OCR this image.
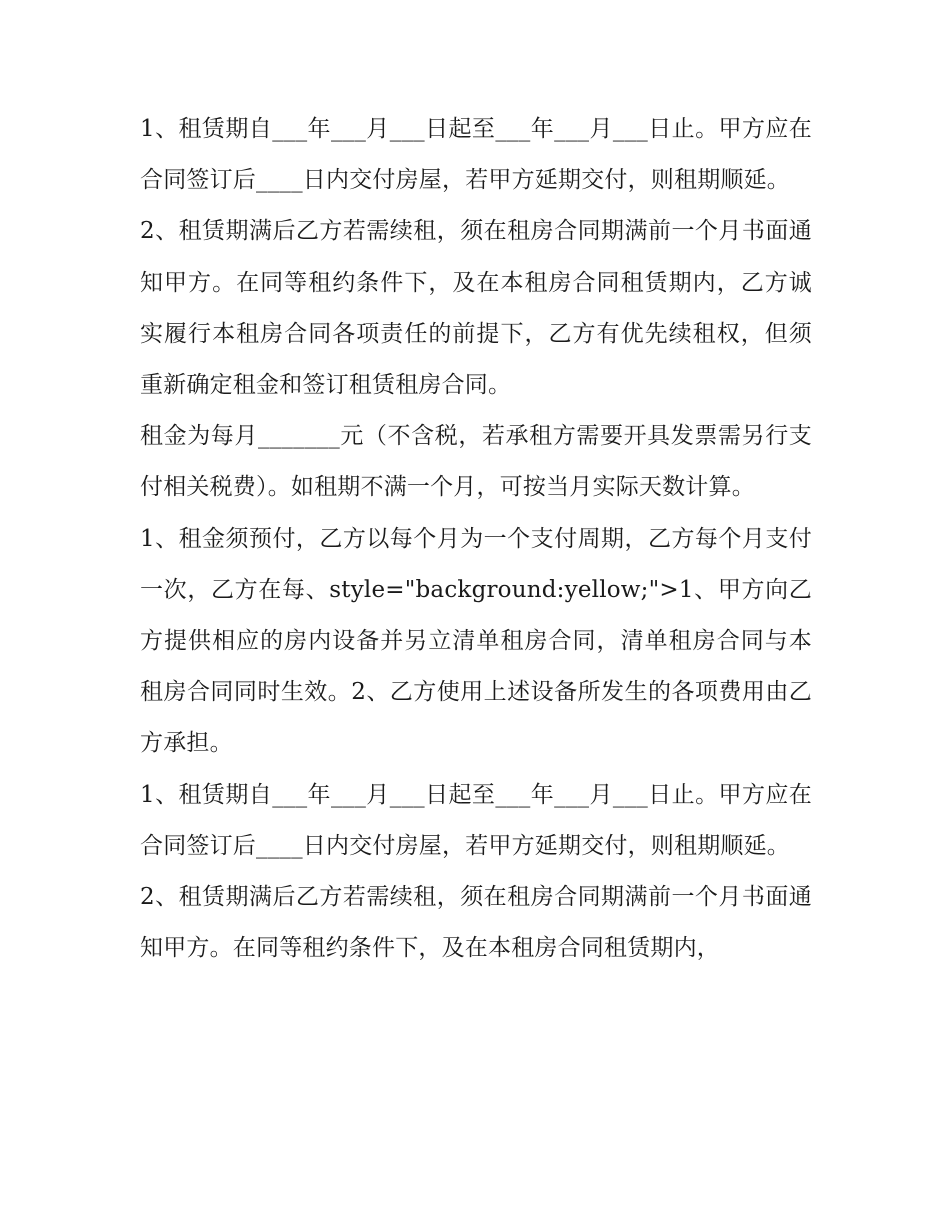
1、租赁期自___年___月___日起至___年___月___日止。甲方应在合同签订后____日内交付房屋，若甲方延期交付，则租期顺延。

2、租赁期满后乙方若需续租，须在租房合同期满前一个月书面通知甲方。在同等租约条件下，及在本租房合同租赁期内，乙方诚实履行本租房合同各项责任的前提下，乙方有优先续租权，但须重新确定租金和签订租赁租房合同。

租金为每月_______元（不含税，若承租方需要开具发票需另行支付相关税费）。如租期不满一个月，可按当月实际天数计算。

1、租金须预付，乙方以每个月为一个支付周期，乙方每个月支付一次，乙方在每、style="background:yellow;">1、甲方向乙方提供相应的房内设备并另立清单租房合同，清单租房合同与本租房合同同时生效。2、乙方使用上述设备所发生的各项费用由乙方承担。

1、租赁期自___年___月___日起至___年___月___日止。甲方应在合同签订后____日内交付房屋，若甲方延期交付，则租期顺延。

2、租赁期满后乙方若需续租，须在租房合同期满前一个月书面通知甲方。在同等租约条件下，及在本租房合同租赁期内，
